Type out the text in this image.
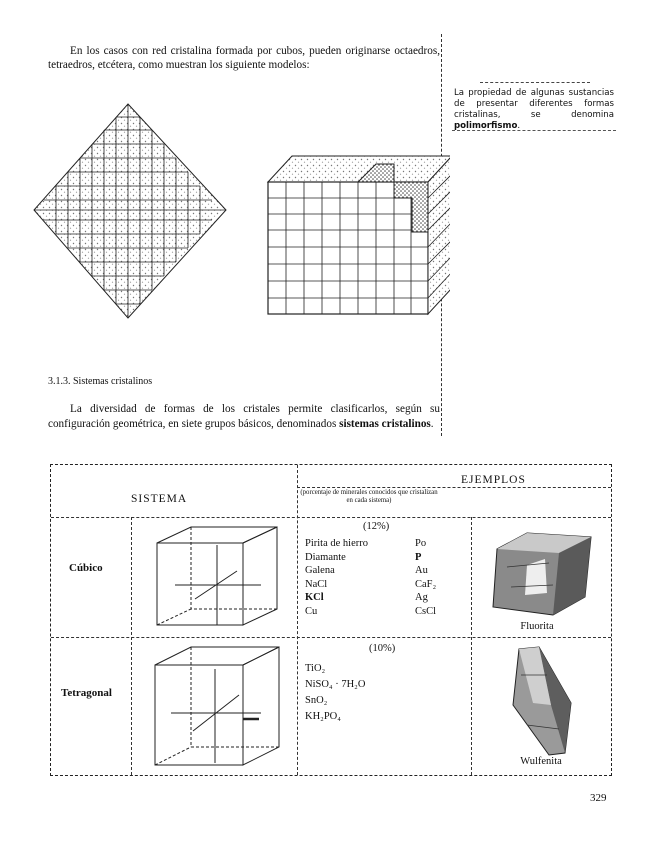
En los casos con red cristalina formada por cubos, pueden originarse octaedros, tetraedros, etcétera, como muestran los siguiente modelos:

La propiedad de algunas sustancias de presentar diferentes formas cristalinas, se denomina polimorfismo.
3.1.3. Sistemas cristalinos

La diversidad de formas de los cristales permite clasificarlos, según su configuración geométrica, en siete grupos básicos, denominados sistemas cristalinos.

SISTEMA
EJEMPLOS
(porcentaje de minerales conocidos que cristalizan en cada sistema)
Cúbico
(12%)
Pirita de hierro	Po
Diamante	P
Galena	Au
NaCl	CaF₂
KCl	Ag
Cu	CsCl
Fluorita
Tetragonal
(10%)
TiO₂
NiSO₄ · 7H₂O
SnO₂
KH₂PO₄
Wulfenita
329
